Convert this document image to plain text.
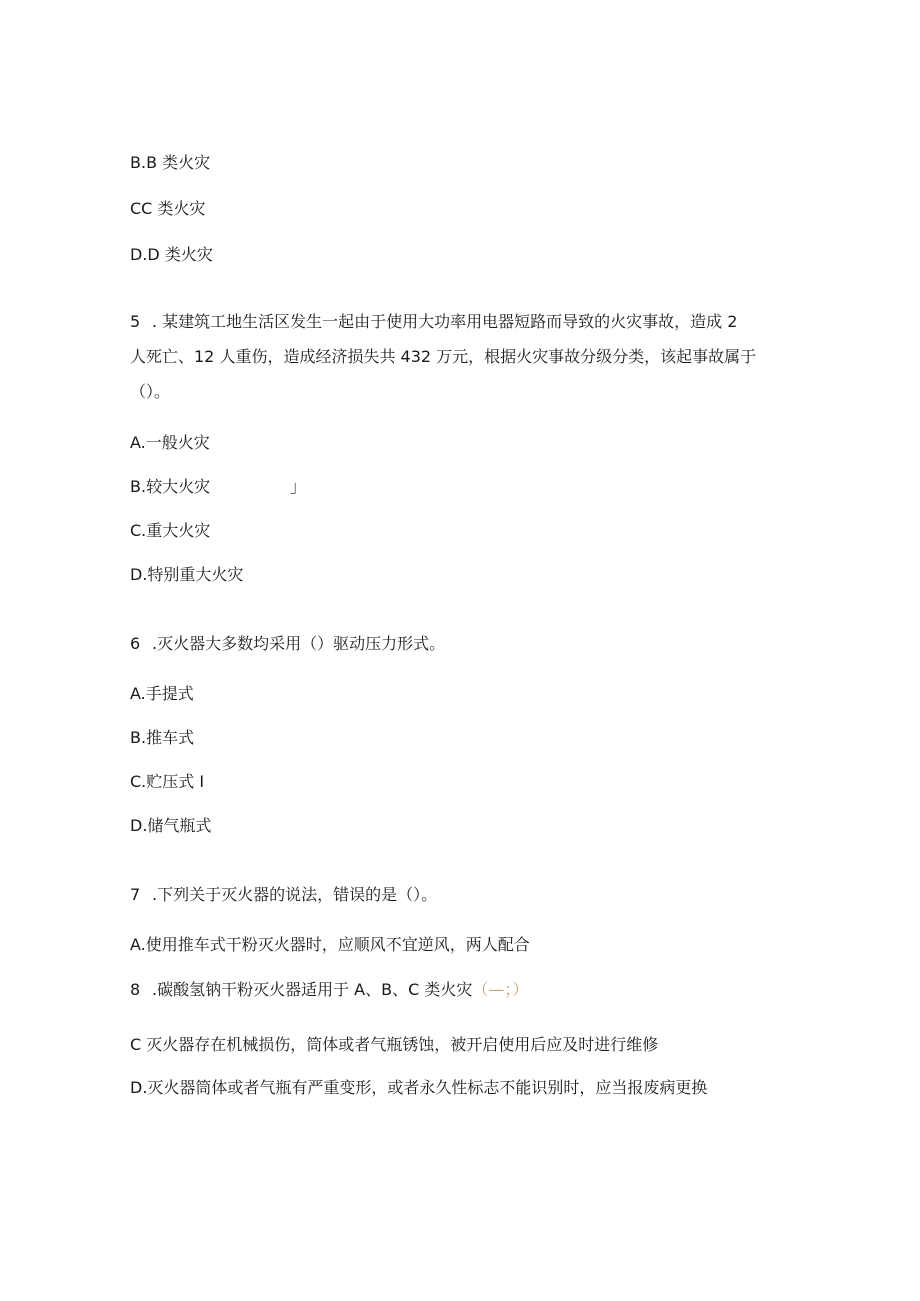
B.B 类火灾
CC 类火灾
D.D 类火灾
5 . 某建筑工地生活区发生一起由于使用大功率用电器短路而导致的火灾事故，造成 2
人死亡、12 人重伤，造成经济损失共 432 万元，根据火灾事故分级分类，该起事故属于
（）。
A.一般火灾
B.较大火灾	」
C.重大火灾
D.特别重大火灾
6 .灭火器大多数均采用（）驱动压力形式。
A.手提式
B.推车式
C.贮压式 I
D.储气瓶式
7 .下列关于灭火器的说法，错误的是（）。
A.使用推车式干粉灭火器时，应顺风不宜逆风，两人配合
8 .碳酸氢钠干粉灭火器适用于 A、B、C 类火灾（—；）
C 灭火器存在机械损伤，筒体或者气瓶锈蚀，被开启使用后应及时进行维修
D.灭火器筒体或者气瓶有严重变形，或者永久性标志不能识别时，应当报废病更换
